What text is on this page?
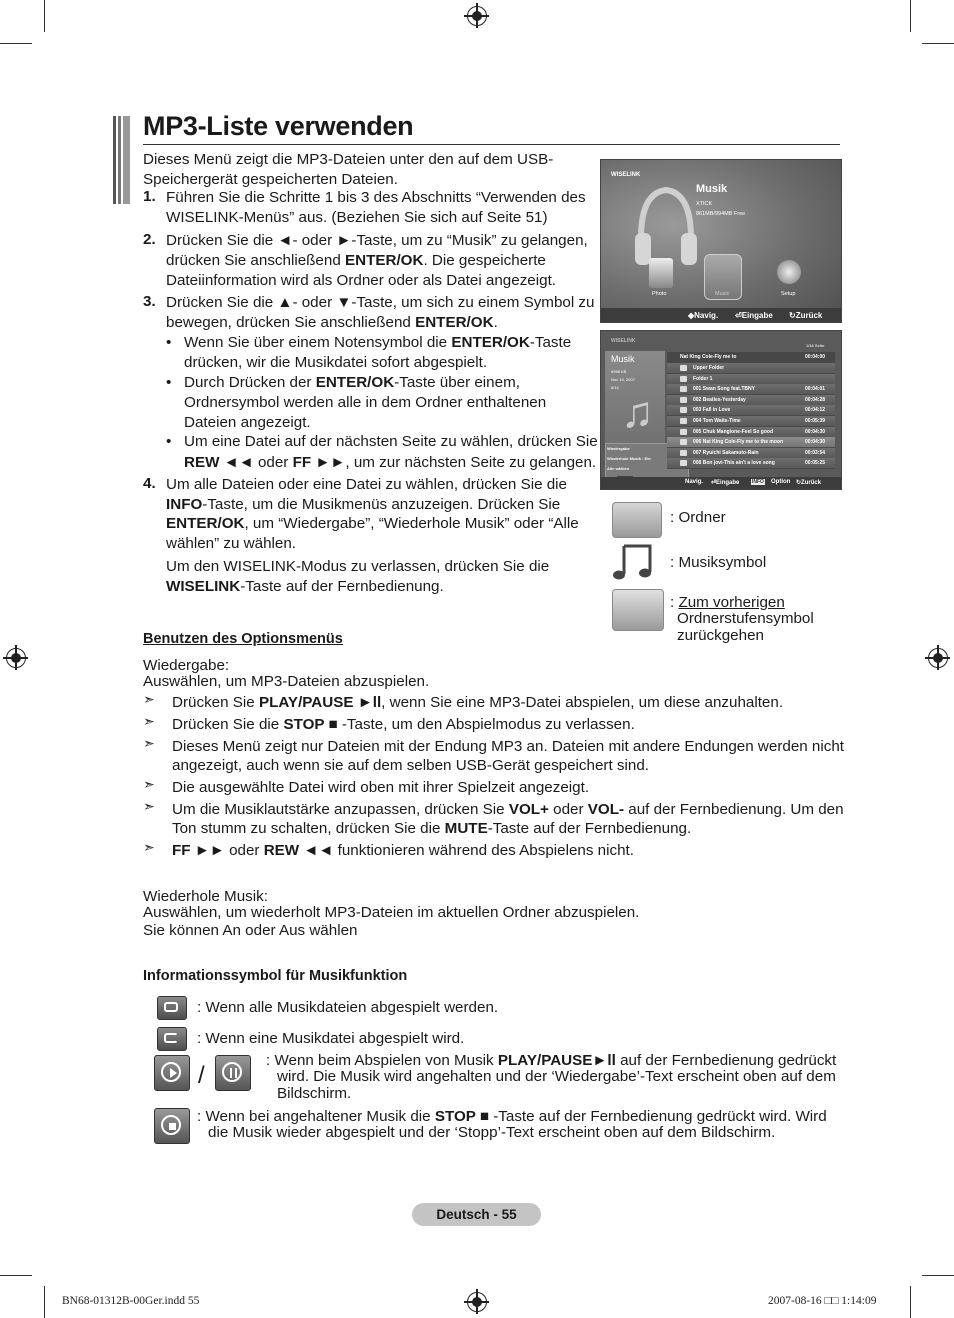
MP3-Liste verwenden
Dieses Menü zeigt die MP3-Dateien unter den auf dem USB-Speichergerät gespeicherten Dateien.
1. Führen Sie die Schritte 1 bis 3 des Abschnitts “Verwenden des
WISELINK-Menüs” aus. (Beziehen Sie sich auf Seite 51)
2. Drücken Sie die ◄- oder ►-Taste, um zu “Musik” zu gelangen,
drücken Sie anschließend ENTER/OK. Die gespeicherte
Dateiinformation wird als Ordner oder als Datei angezeigt.
3. Drücken Sie die ▲- oder ▼-Taste, um sich zu einem Symbol zu
bewegen, drücken Sie anschließend ENTER/OK.
• Wenn Sie über einem Notensymbol die ENTER/OK-Taste
drücken, wir die Musikdatei sofort abgespielt.
• Durch Drücken der ENTER/OK-Taste über einem,
Ordnersymbol werden alle in dem Ordner enthaltenen
Dateien angezeigt.
• Um eine Datei auf der nächsten Seite zu wählen, drücken Sie
REW ◄◄ oder FF ►►, um zur nächsten Seite zu gelangen.
4. Um alle Dateien oder eine Datei zu wählen, drücken Sie die
INFO-Taste, um die Musikmenüs anzuzeigen. Drücken Sie
ENTER/OK, um “Wiedergabe”, “Wiederhole Musik” oder “Alle
wählen” zu wählen.
Um den WISELINK-Modus zu verlassen, drücken Sie die
WISELINK-Taste auf der Fernbedienung.
WISELINK
Musik
XTICK
861MB/994MB Free
Photo	Music	Setup
◆Navig. ⏎Eingabe ↻Zurück
WISELINK
1/16 Seite
Musik
6958 KB
Nov 14, 2007
8/14
♫
Wiedergabe
Wiederhole Musik : Ein
Alle wählen
Nat King Cole-Fly me to	00:04:00
Upper Folder
Folder 1
001 Swan Song feat.TBNY	00:04:01
002 Beatles-Yesterday	00:04:28
003 Fall in Love	00:04:12
004 Tom Waits-Time	00:05:39
005 Chuk Mangione-Feel So good	00:04:30
006 Nat King Cole-Fly me to the moon	00:04:30
007 Ryuichi Sakamoto-Rain	00:03:54
008 Bon jovi-This ain't a love song	00:05:25
Navig. ⏎Eingabe	INFO Option ↻Zurück
: Ordner
: Musiksymbol
: Zum vorherigen
Ordnerstufensymbol
zurückgehen
Benutzen des Optionsmenüs
Wiedergabe:
Auswählen, um MP3-Dateien abzuspielen.
➣ Drücken Sie PLAY/PAUSE ►ll, wenn Sie eine MP3-Datei abspielen, um diese anzuhalten.
➣ Drücken Sie die STOP ■ -Taste, um den Abspielmodus zu verlassen.
➣ Dieses Menü zeigt nur Dateien mit der Endung MP3 an. Dateien mit andere Endungen werden nicht
angezeigt, auch wenn sie auf dem selben USB-Gerät gespeichert sind.
➣ Die ausgewählte Datei wird oben mit ihrer Spielzeit angezeigt.
➣ Um die Musiklautstärke anzupassen, drücken Sie VOL+ oder VOL- auf der Fernbedienung. Um den
Ton stumm zu schalten, drücken Sie die MUTE-Taste auf der Fernbedienung.
➣ FF ►► oder REW ◄◄ funktionieren während des Abspielens nicht.
Wiederhole Musik:
Auswählen, um wiederholt MP3-Dateien im aktuellen Ordner abzuspielen.
Sie können An oder Aus wählen
Informationssymbol für Musikfunktion
: Wenn alle Musikdateien abgespielt werden.
: Wenn eine Musikdatei abgespielt wird.
/
: Wenn beim Abspielen von Musik PLAY/PAUSE►ll auf der Fernbedienung gedrückt
wird. Die Musik wird angehalten und der ‘Wiedergabe’-Text erscheint oben auf dem
Bildschirm.
: Wenn bei angehaltener Musik die STOP ■ -Taste auf der Fernbedienung gedrückt wird. Wird
die Musik wieder abgespielt und der ‘Stopp’-Text erscheint oben auf dem Bildschirm.
Deutsch - 55
BN68-01312B-00Ger.indd 55	2007-08-16 □□ 1:14:09
